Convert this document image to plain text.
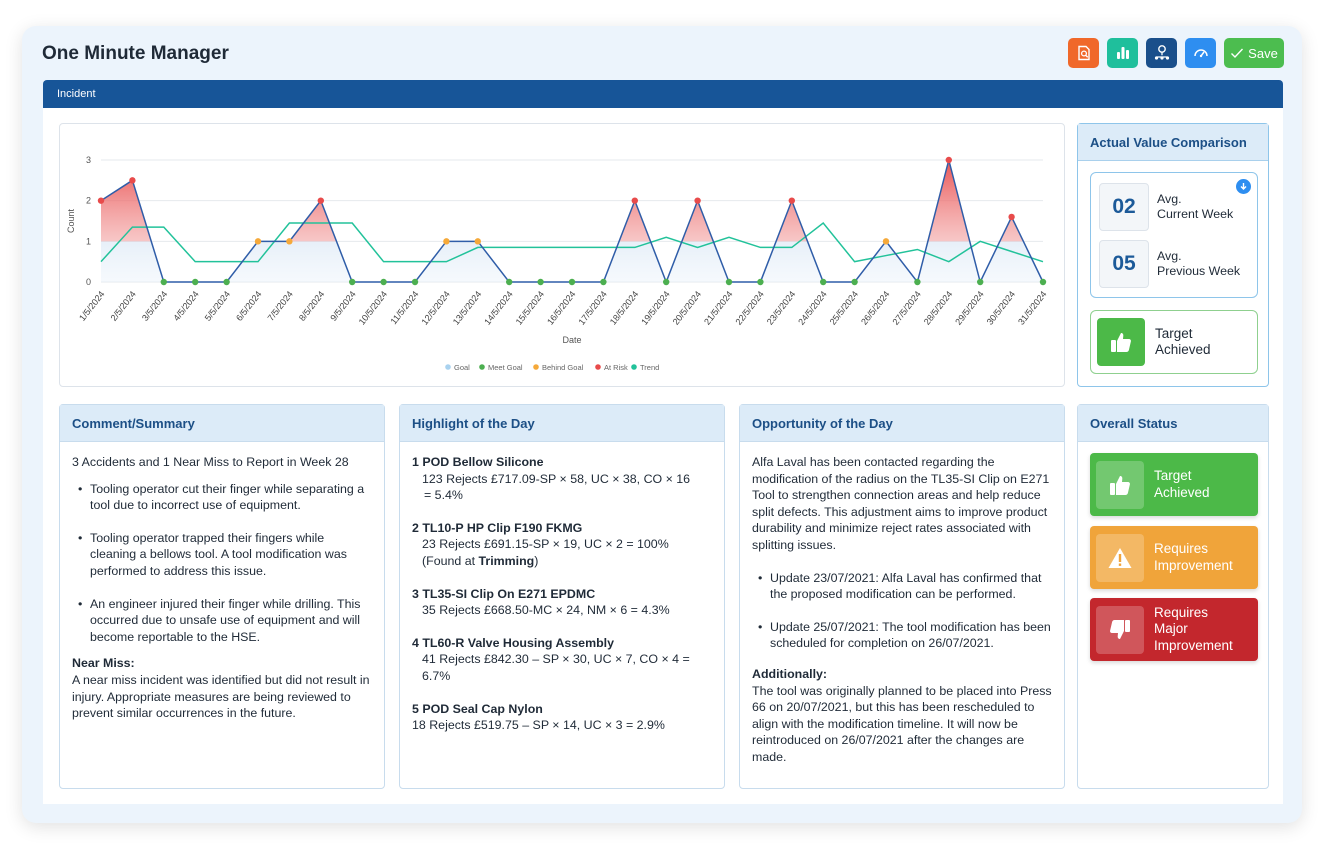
One Minute Manager	Save
Incident
0
1
2
3
Count
1/5/2024 2/5/2024 3/5/2024 4/5/2024 5/5/2024 6/5/2024 7/5/2024 8/5/2024 9/5/2024
10/5/2024 11/5/2024
12/5/2024
13/5/2024
14/5/2024
15/5/2024
16/5/2024
17/5/2024
18/5/2024
19/5/2024
20/5/2024
21/5/2024
22/5/2024
23/5/2024
24/5/2024
25/5/2024
26/5/2024
27/5/2024
28/5/2024
29/5/2024
30/5/2024
31/5/2024
Date
Goal Meet Goal	Behind Goal	At Risk Trend
Actual Value Comparison
02	Avg.
Current Week
05	Avg.
Previous Week
Target
Achieved
Comment/Summary
3 Accidents and 1 Near Miss to Report in Week 28
• Tooling operator cut their finger while separating a tool due to incorrect use of equipment.
• Tooling operator trapped their fingers while cleaning a bellows tool. A tool modification was performed to address this issue.
• An engineer injured their finger while drilling. This occurred due to unsafe use of equipment and will become reportable to the HSE.
Near Miss:
A near miss incident was identified but did not result in injury. Appropriate measures are being reviewed to prevent similar occurrences in the future.
Highlight of the Day
1 POD Bellow Silicone
123 Rejects £717.09-SP × 58, UC × 38, CO × 16
= 5.4%
2 TL10-P HP Clip F190 FKMG
23 Rejects £691.15-SP × 19, UC × 2 = 100%
(Found at Trimming)
3 TL35-SI Clip On E271 EPDMC
35 Rejects £668.50-MC × 24, NM × 6 = 4.3%
4 TL60-R Valve Housing Assembly
41 Rejects £842.30 – SP × 30, UC × 7, CO × 4 = 6.7%
5 POD Seal Cap Nylon
18 Rejects £519.75 – SP × 14, UC × 3 = 2.9%
Opportunity of the Day
Alfa Laval has been contacted regarding the modification of the radius on the TL35-SI Clip on E271 Tool to strengthen connection areas and help reduce split defects. This adjustment aims to improve product durability and minimize reject rates associated with splitting issues.
• Update 23/07/2021: Alfa Laval has confirmed that the proposed modification can be performed.
• Update 25/07/2021: The tool modification has been scheduled for completion on 26/07/2021.
Additionally:
The tool was originally planned to be placed into Press 66 on 20/07/2021, but this has been rescheduled to align with the modification timeline. It will now be reintroduced on 26/07/2021 after the changes are made.
Overall Status
Target
Achieved
Requires
Improvement
Requires
Major
Improvement
